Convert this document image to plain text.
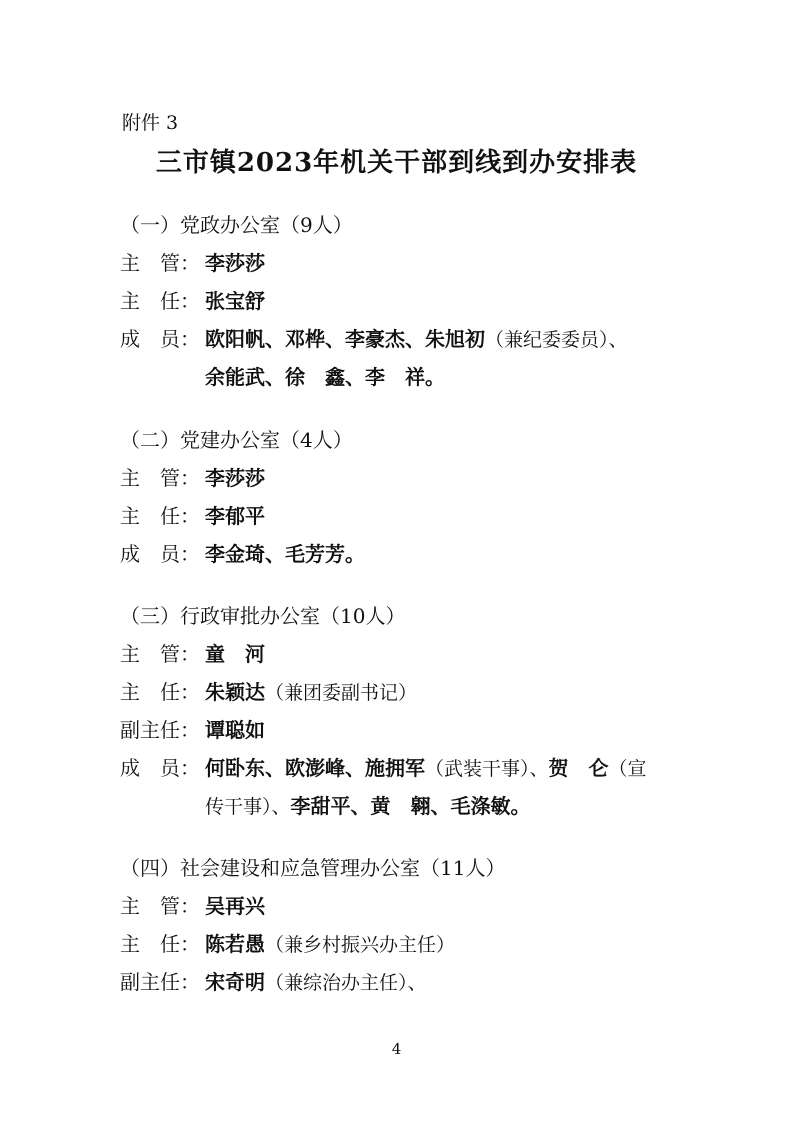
附件 3
三市镇2023年机关干部到线到办安排表
（一）党政办公室（9人）
主　管： 李莎莎
主　任： 张宝舒
成　员： 欧阳帆、邓桦、李豪杰、朱旭初（兼纪委委员）、
余能武、徐　鑫、李　祥。
（二）党建办公室（4人）
主　管： 李莎莎
主　任： 李郁平
成　员： 李金琦、毛芳芳。
（三）行政审批办公室（10人）
主　管： 童　河
主　任： 朱颖达（兼团委副书记）
副主任： 谭聪如
成　员： 何卧东、欧澎峰、施拥军（武装干事）、贺　仑（宣
传干事）、李甜平、黄　翱、毛涤敏。
（四）社会建设和应急管理办公室（11人）
主　管： 吴再兴
主　任： 陈若愚（兼乡村振兴办主任）
副主任： 宋奇明（兼综治办主任）、
4
